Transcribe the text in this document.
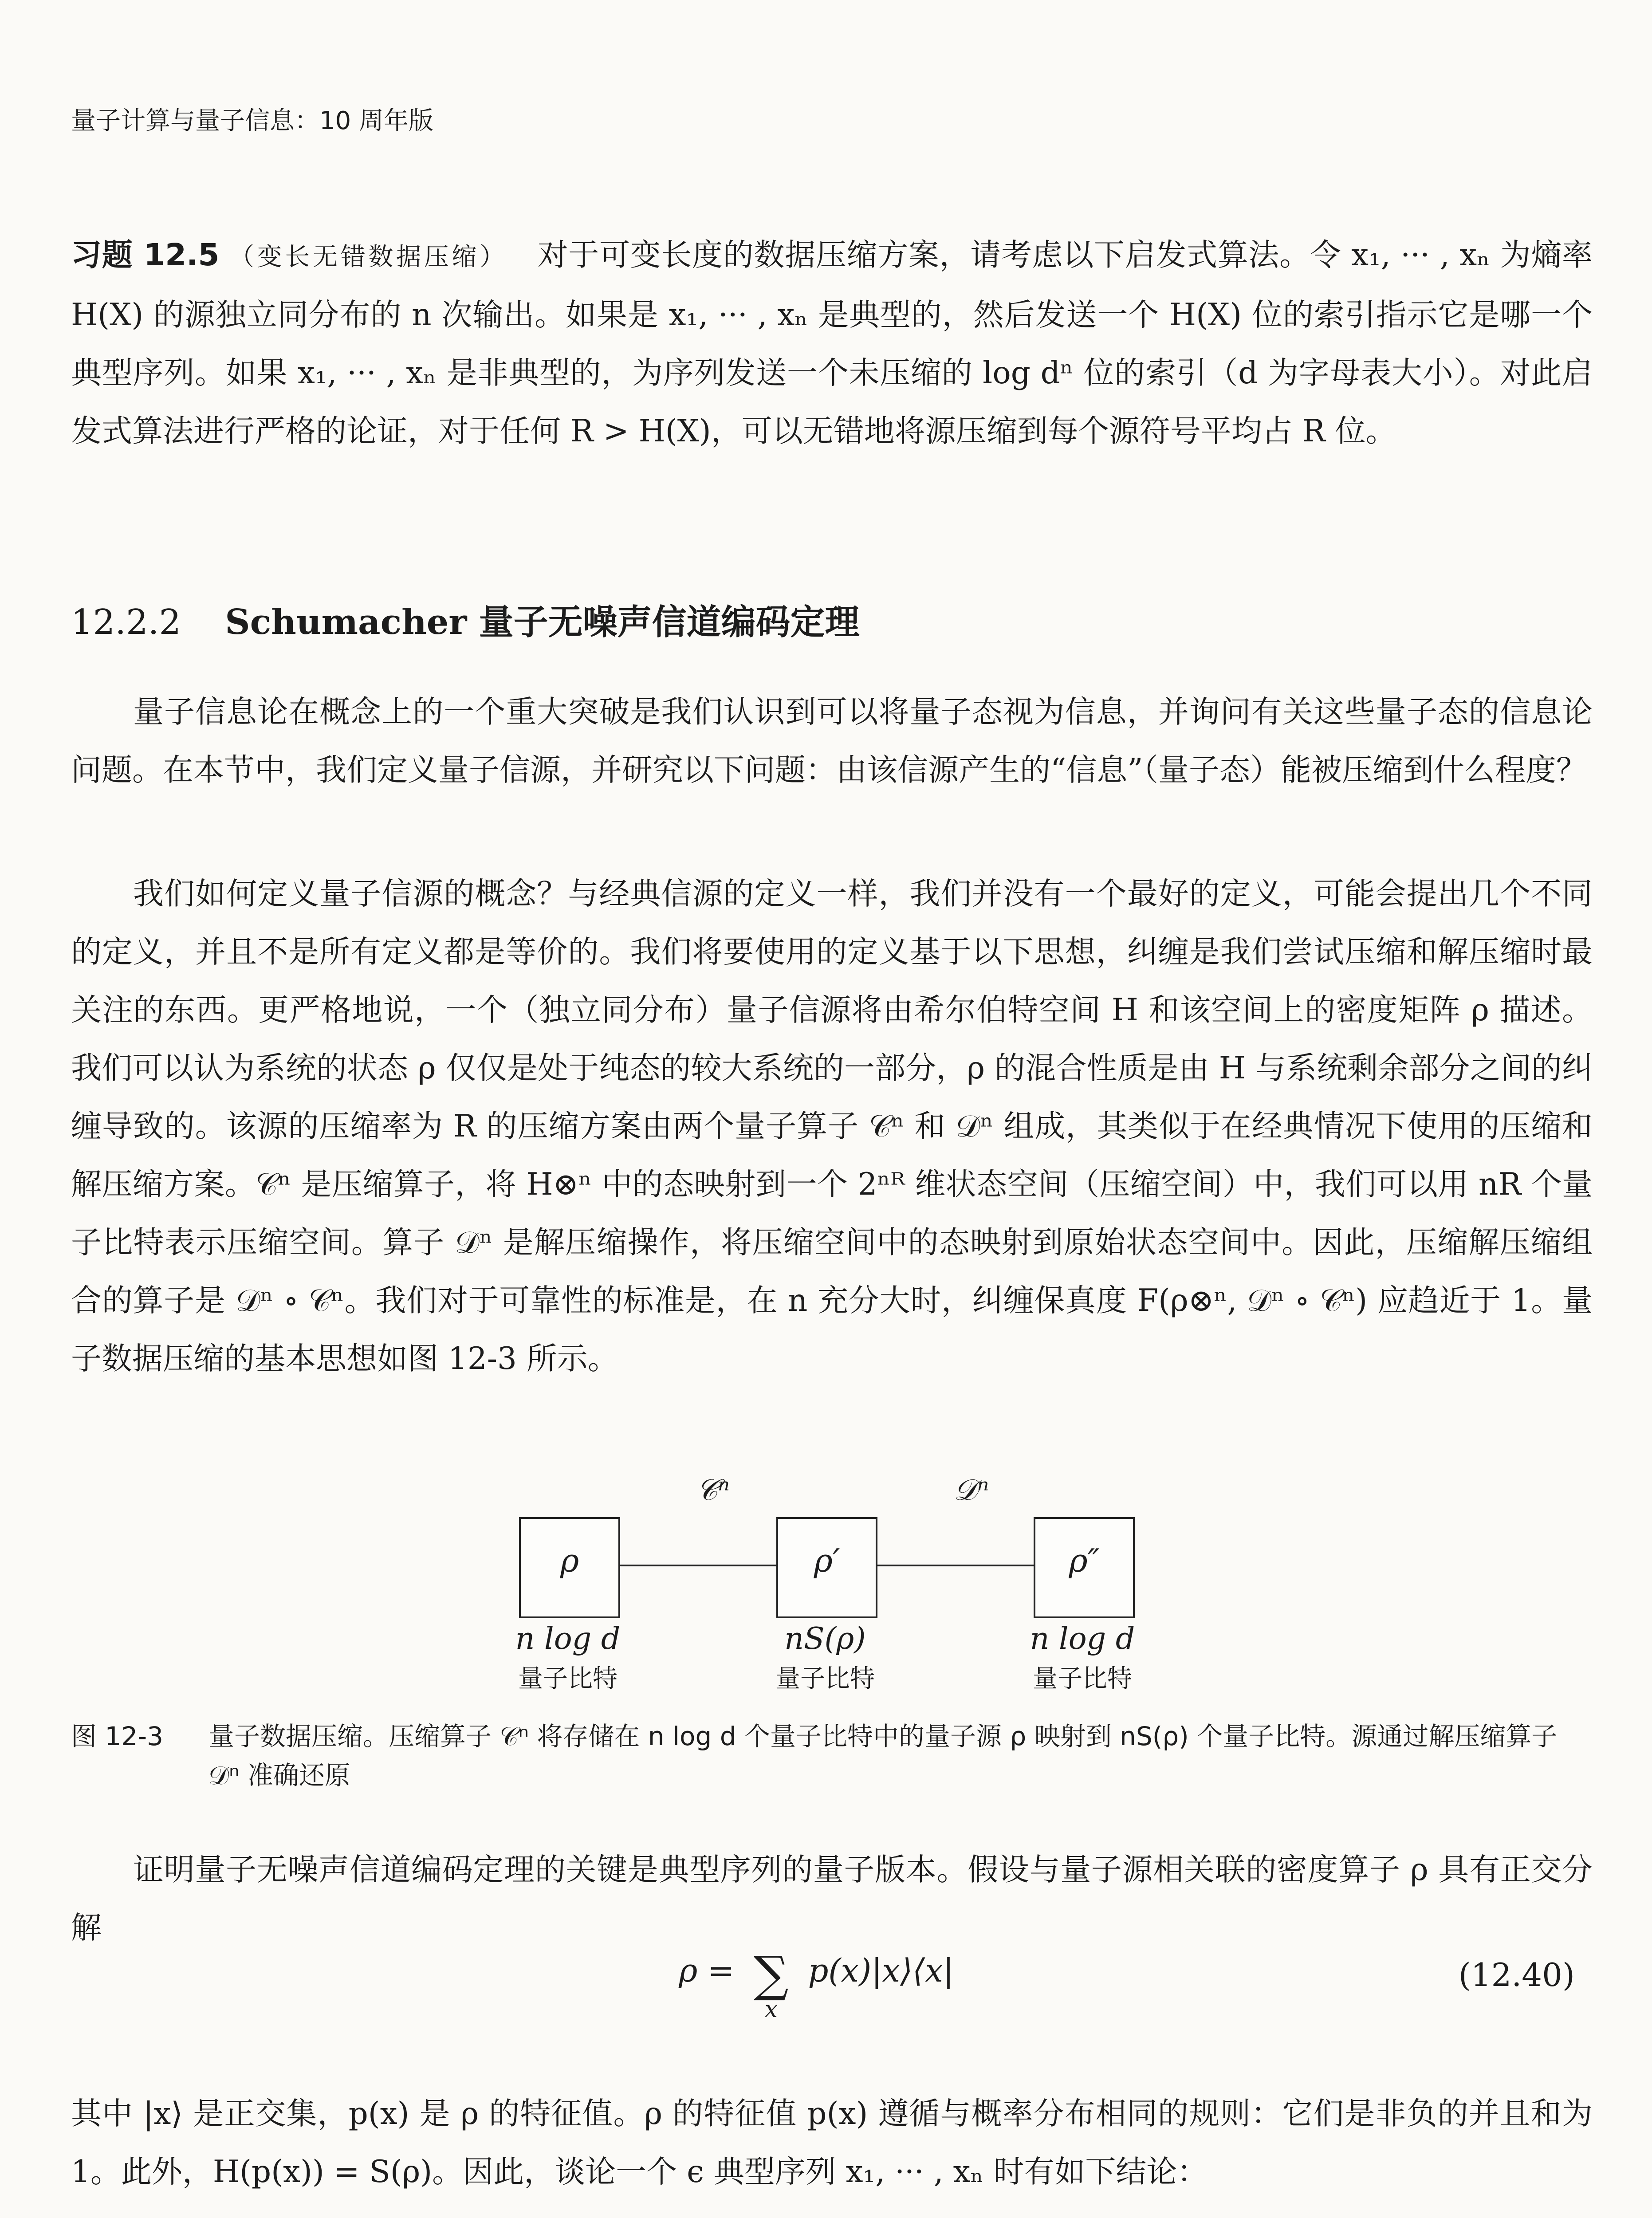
量子计算与量子信息：10 周年版
习题 12.5 （变长无错数据压缩） 对于可变长度的数据压缩方案，请考虑以下启发式算法。令 x₁, ··· , xₙ 为熵率 H(X) 的源独立同分布的 n 次输出。如果是 x₁, ··· , xₙ 是典型的，然后发送一个 H(X) 位的索引指示它是哪一个典型序列。如果 x₁, ··· , xₙ 是非典型的，为序列发送一个未压缩的 log dⁿ 位的索引（d 为字母表大小）。对此启发式算法进行严格的论证，对于任何 R > H(X)，可以无错地将源压缩到每个源符号平均占 R 位。
12.2.2 Schumacher 量子无噪声信道编码定理
量子信息论在概念上的一个重大突破是我们认识到可以将量子态视为信息，并询问有关这些量子态的信息论问题。在本节中，我们定义量子信源，并研究以下问题：由该信源产生的“信息”（量子态）能被压缩到什么程度？
我们如何定义量子信源的概念？与经典信源的定义一样，我们并没有一个最好的定义，可能会提出几个不同的定义，并且不是所有定义都是等价的。我们将要使用的定义基于以下思想，纠缠是我们尝试压缩和解压缩时最关注的东西。更严格地说，一个（独立同分布）量子信源将由希尔伯特空间 H 和该空间上的密度矩阵 ρ 描述。我们可以认为系统的状态 ρ 仅仅是处于纯态的较大系统的一部分，ρ 的混合性质是由 H 与系统剩余部分之间的纠缠导致的。该源的压缩率为 R 的压缩方案由两个量子算子 𝒞ⁿ 和 𝒟ⁿ 组成，其类似于在经典情况下使用的压缩和解压缩方案。𝒞ⁿ 是压缩算子，将 H⊗ⁿ 中的态映射到一个 2ⁿᴿ 维状态空间（压缩空间）中，我们可以用 nR 个量子比特表示压缩空间。算子 𝒟ⁿ 是解压缩操作，将压缩空间中的态映射到原始状态空间中。因此，压缩解压缩组合的算子是 𝒟ⁿ ∘ 𝒞ⁿ。我们对于可靠性的标准是，在 n 充分大时，纠缠保真度 F(ρ⊗ⁿ, 𝒟ⁿ ∘ 𝒞ⁿ) 应趋近于 1。量子数据压缩的基本思想如图 12-3 所示。
ρ
𝒞ⁿ
ρ′
𝒟ⁿ
ρ″
n log d
量子比特
nS(ρ)
量子比特
n log d
量子比特
图 12-3 量子数据压缩。压缩算子 𝒞ⁿ 将存储在 n log d 个量子比特中的量子源 ρ 映射到 nS(ρ) 个量子比特。源通过解压缩算子 𝒟ⁿ 准确还原
证明量子无噪声信道编码定理的关键是典型序列的量子版本。假设与量子源相关联的密度算子 ρ 具有正交分解
ρ = ∑
x
p(x)|x⟩⟨x|	(12.40)
其中 |x⟩ 是正交集，p(x) 是 ρ 的特征值。ρ 的特征值 p(x) 遵循与概率分布相同的规则：它们是非负的并且和为 1。此外，H(p(x)) = S(ρ)。因此，谈论一个 ϵ 典型序列 x₁, ··· , xₙ 时有如下结论：
